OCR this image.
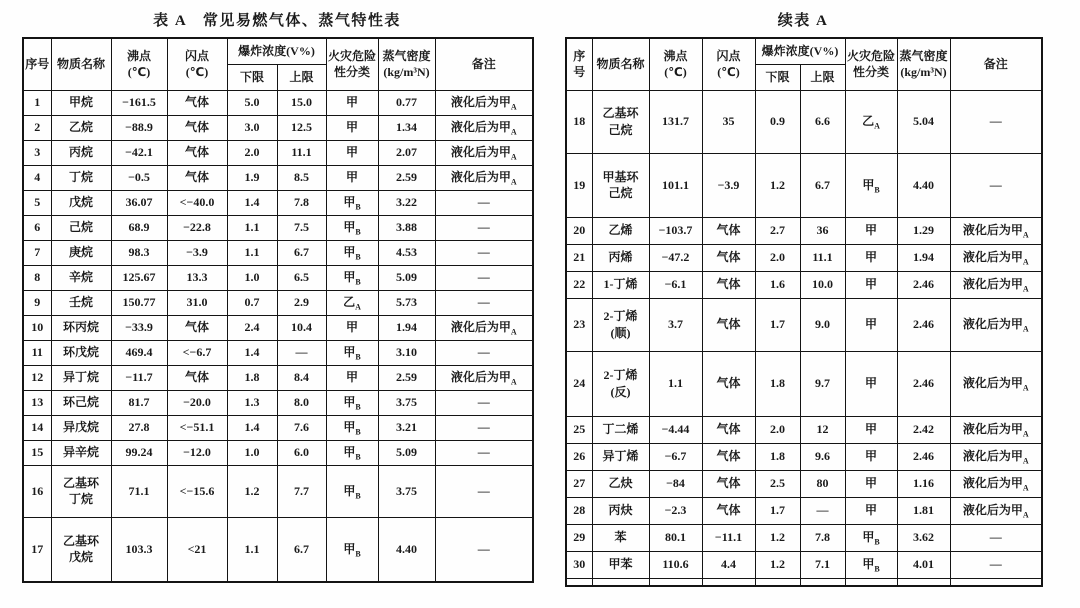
表 A　常见易燃气体、蒸气特性表
序号	物质名称	沸点
(℃)	闪点
(℃)	爆炸浓度(V%)		火灾危险
性分类	蒸气密度
(kg/m³N)	备注
				下限	上限			
1	甲烷	−161.5	气体	5.0	15.0	甲	0.77	液化后为甲$_A$
2	乙烷	−88.9	气体	3.0	12.5	甲	1.34	液化后为甲$_A$
3	丙烷	−42.1	气体	2.0	11.1	甲	2.07	液化后为甲$_A$
4	丁烷	−0.5	气体	1.9	8.5	甲	2.59	液化后为甲$_A$
5	戊烷	36.07	<−40.0	1.4	7.8	甲$_B$	3.22	—
6	己烷	68.9	−22.8	1.1	7.5	甲$_B$	3.88	—
7	庚烷	98.3	−3.9	1.1	6.7	甲$_B$	4.53	—
8	辛烷	125.67	13.3	1.0	6.5	甲$_B$	5.09	—
9	壬烷	150.77	31.0	0.7	2.9	乙$_A$	5.73	—
10	环丙烷	−33.9	气体	2.4	10.4	甲	1.94	液化后为甲$_A$
11	环戊烷	469.4	<−6.7	1.4	—	甲$_B$	3.10	—
12	异丁烷	−11.7	气体	1.8	8.4	甲	2.59	液化后为甲$_A$
13	环己烷	81.7	−20.0	1.3	8.0	甲$_B$	3.75	—
14	异戊烷	27.8	<−51.1	1.4	7.6	甲$_B$	3.21	—
15	异辛烷	99.24	−12.0	1.0	6.0	甲$_B$	5.09	—
16	乙基环
丁烷	71.1	<−15.6	1.2	7.7	甲$_B$	3.75	—
17	乙基环
戊烷	103.3	<21	1.1	6.7	甲$_B$	4.40	—
续表 A
序号	物质名称	沸点
(℃)	闪点
(℃)	爆炸浓度(V%)		火灾危险
性分类	蒸气密度
(kg/m³N)	备注
				下限	上限			
18	乙基环
己烷	131.7	35	0.9	6.6	乙$_A$	5.04	—
19	甲基环
己烷	101.1	−3.9	1.2	6.7	甲$_B$	4.40	—
20	乙烯	−103.7	气体	2.7	36	甲	1.29	液化后为甲$_A$
21	丙烯	−47.2	气体	2.0	11.1	甲	1.94	液化后为甲$_A$
22	1-丁烯	−6.1	气体	1.6	10.0	甲	2.46	液化后为甲$_A$
23	2-丁烯
(顺)	3.7	气体	1.7	9.0	甲	2.46	液化后为甲$_A$
24	2-丁烯
(反)	1.1	气体	1.8	9.7	甲	2.46	液化后为甲$_A$
25	丁二烯	−4.44	气体	2.0	12	甲	2.42	液化后为甲$_A$
26	异丁烯	−6.7	气体	1.8	9.6	甲	2.46	液化后为甲$_A$
27	乙炔	−84	气体	2.5	80	甲	1.16	液化后为甲$_A$
28	丙炔	−2.3	气体	1.7	—	甲	1.81	液化后为甲$_A$
29	苯	80.1	−11.1	1.2	7.8	甲$_B$	3.62	—
30	甲苯	110.6	4.4	1.2	7.1	甲$_B$	4.01	—
